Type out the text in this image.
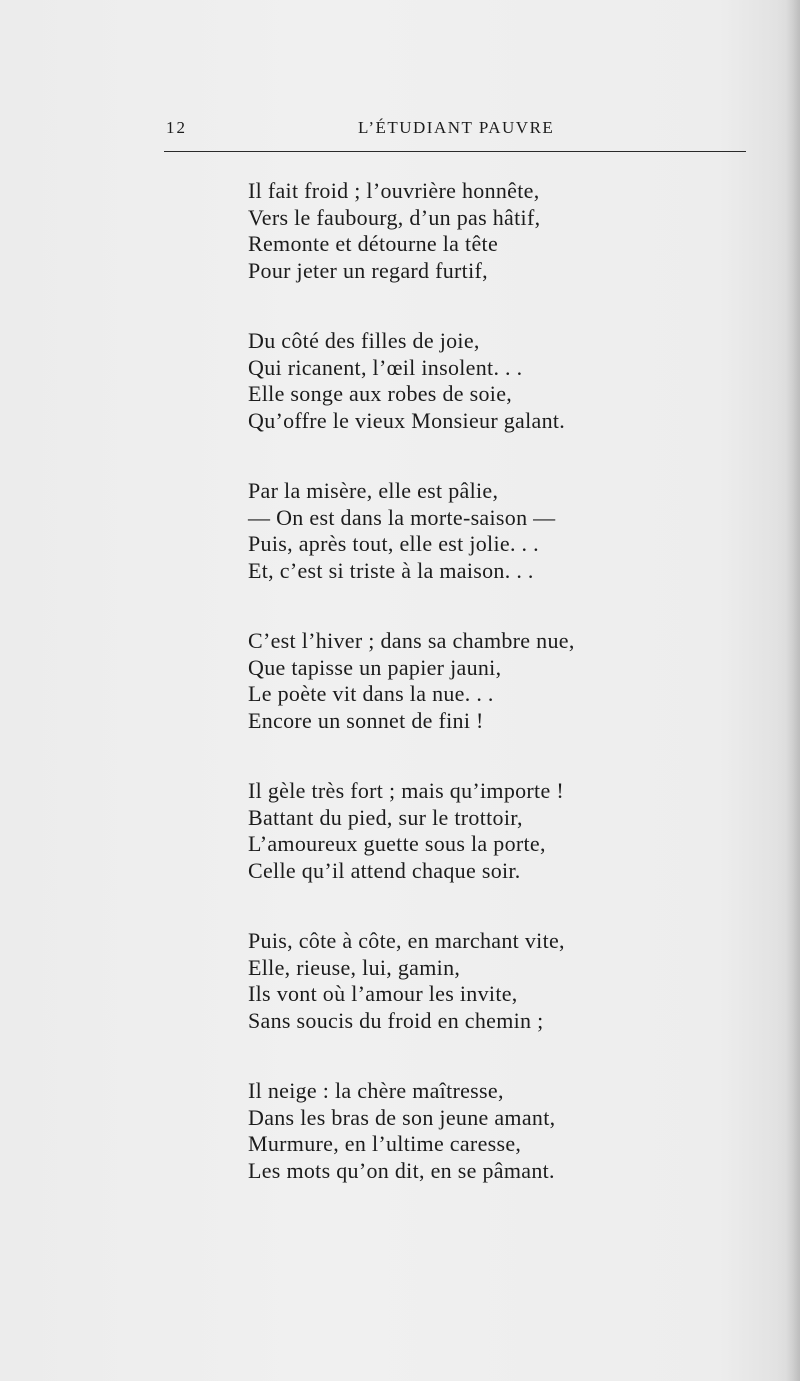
12	L’ÉTUDIANT PAUVRE
Il fait froid ; l’ouvrière honnête,
Vers le faubourg, d’un pas hâtif,
Remonte et détourne la tête
Pour jeter un regard furtif,
Du côté des filles de joie,
Qui ricanent, l’œil insolent. . .
Elle songe aux robes de soie,
Qu’offre le vieux Monsieur galant.
Par la misère, elle est pâlie,
— On est dans la morte-saison —
Puis, après tout, elle est jolie. . .
Et, c’est si triste à la maison. . .
C’est l’hiver ; dans sa chambre nue,
Que tapisse un papier jauni,
Le poète vit dans la nue. . .
Encore un sonnet de fini !
Il gèle très fort ; mais qu’importe !
Battant du pied, sur le trottoir,
L’amoureux guette sous la porte,
Celle qu’il attend chaque soir.
Puis, côte à côte, en marchant vite,
Elle, rieuse, lui, gamin,
Ils vont où l’amour les invite,
Sans soucis du froid en chemin ;
Il neige : la chère maîtresse,
Dans les bras de son jeune amant,
Murmure, en l’ultime caresse,
Les mots qu’on dit, en se pâmant.
